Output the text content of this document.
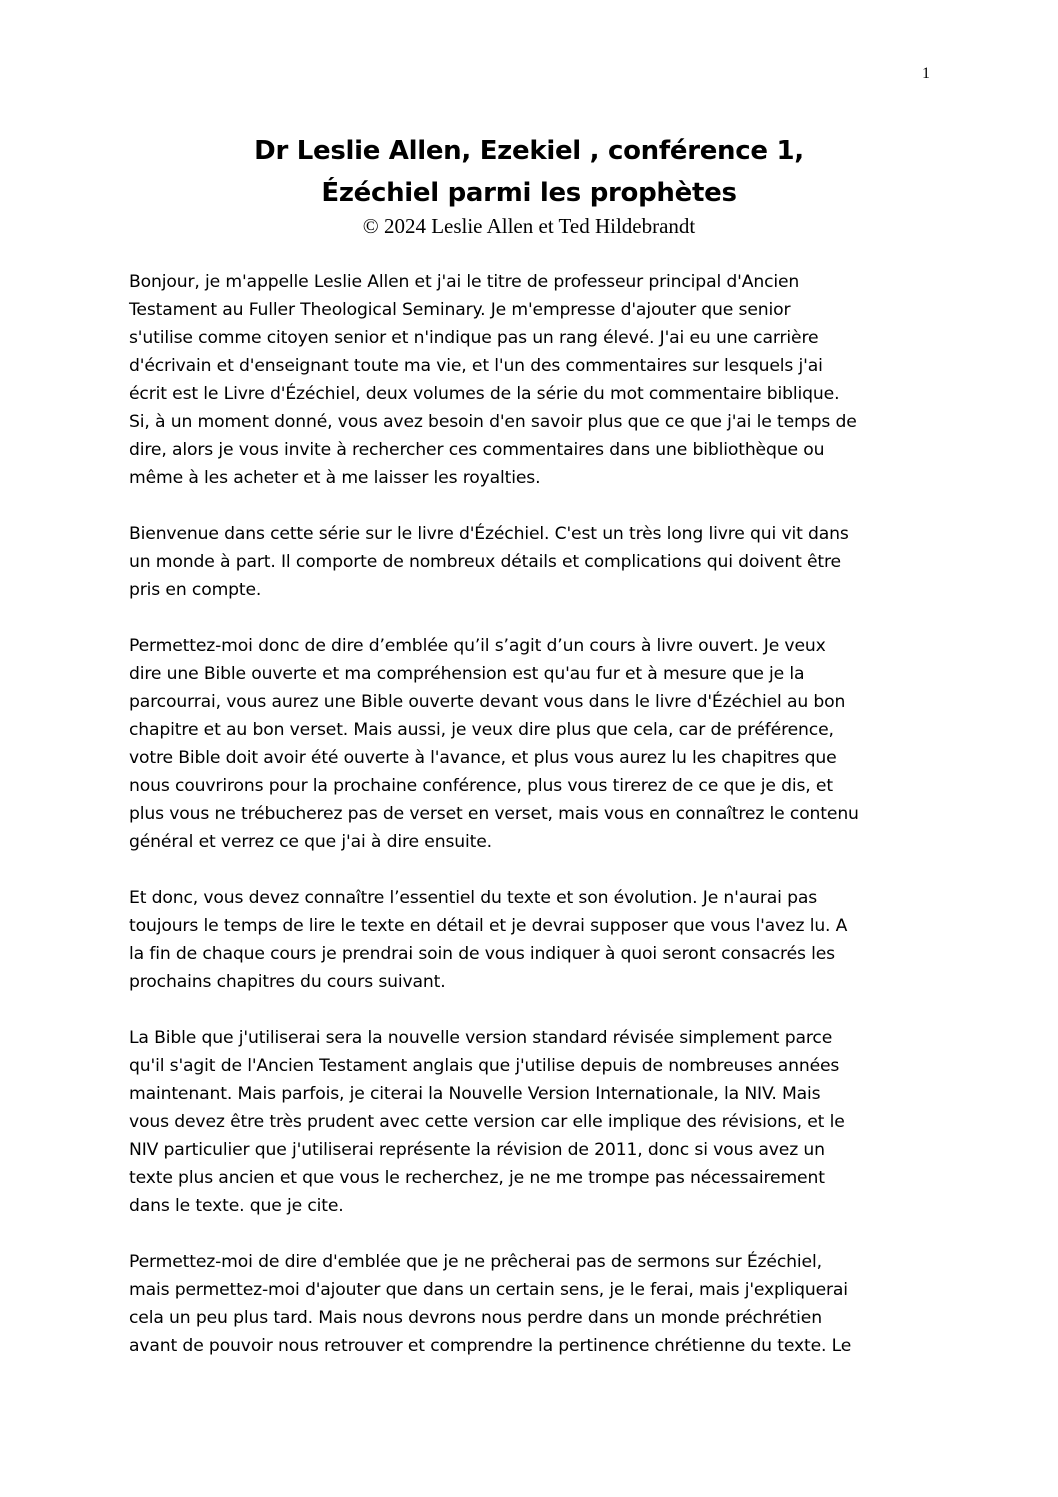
1
Dr Leslie Allen, Ezekiel , conférence 1,
Ézéchiel parmi les prophètes
© 2024 Leslie Allen et Ted Hildebrandt

Bonjour, je m'appelle Leslie Allen et j'ai le titre de professeur principal d'Ancien
Testament au Fuller Theological Seminary. Je m'empresse d'ajouter que senior
s'utilise comme citoyen senior et n'indique pas un rang élevé. J'ai eu une carrière
d'écrivain et d'enseignant toute ma vie, et l'un des commentaires sur lesquels j'ai
écrit est le Livre d'Ézéchiel, deux volumes de la série du mot commentaire biblique.
Si, à un moment donné, vous avez besoin d'en savoir plus que ce que j'ai le temps de
dire, alors je vous invite à rechercher ces commentaires dans une bibliothèque ou
même à les acheter et à me laisser les royalties.

Bienvenue dans cette série sur le livre d'Ézéchiel. C'est un très long livre qui vit dans
un monde à part. Il comporte de nombreux détails et complications qui doivent être
pris en compte.

Permettez-moi donc de dire d’emblée qu’il s’agit d’un cours à livre ouvert. Je veux
dire une Bible ouverte et ma compréhension est qu'au fur et à mesure que je la
parcourrai, vous aurez une Bible ouverte devant vous dans le livre d'Ézéchiel au bon
chapitre et au bon verset. Mais aussi, je veux dire plus que cela, car de préférence,
votre Bible doit avoir été ouverte à l'avance, et plus vous aurez lu les chapitres que
nous couvrirons pour la prochaine conférence, plus vous tirerez de ce que je dis, et
plus vous ne trébucherez pas de verset en verset, mais vous en connaîtrez le contenu
général et verrez ce que j'ai à dire ensuite.

Et donc, vous devez connaître l’essentiel du texte et son évolution. Je n'aurai pas
toujours le temps de lire le texte en détail et je devrai supposer que vous l'avez lu. A
la fin de chaque cours je prendrai soin de vous indiquer à quoi seront consacrés les
prochains chapitres du cours suivant.

La Bible que j'utiliserai sera la nouvelle version standard révisée simplement parce
qu'il s'agit de l'Ancien Testament anglais que j'utilise depuis de nombreuses années
maintenant. Mais parfois, je citerai la Nouvelle Version Internationale, la NIV. Mais
vous devez être très prudent avec cette version car elle implique des révisions, et le
NIV particulier que j'utiliserai représente la révision de 2011, donc si vous avez un
texte plus ancien et que vous le recherchez, je ne me trompe pas nécessairement
dans le texte. que je cite.

Permettez-moi de dire d'emblée que je ne prêcherai pas de sermons sur Ézéchiel,
mais permettez-moi d'ajouter que dans un certain sens, je le ferai, mais j'expliquerai
cela un peu plus tard. Mais nous devrons nous perdre dans un monde préchrétien
avant de pouvoir nous retrouver et comprendre la pertinence chrétienne du texte. Le
